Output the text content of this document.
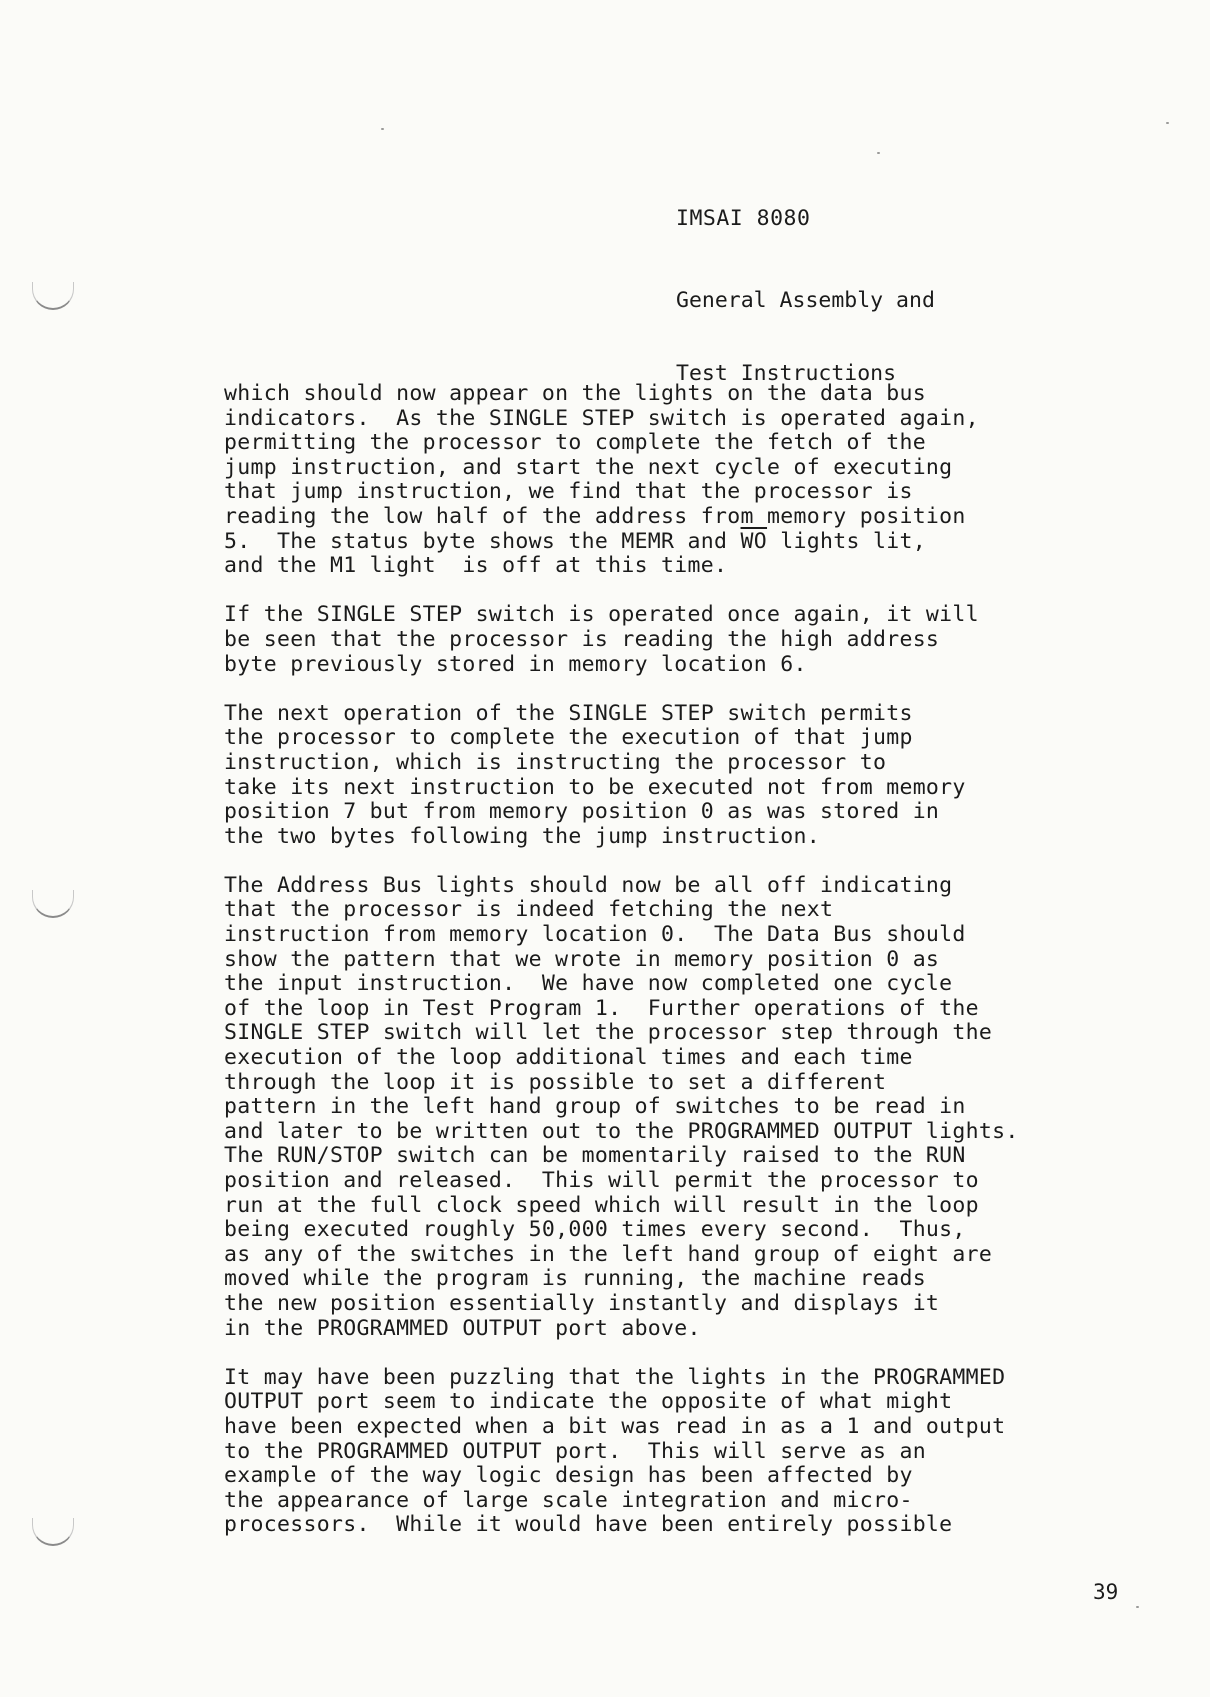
IMSAI 8080

General Assembly and

Test Instructions

which should now appear on the lights on the data bus
indicators.  As the SINGLE STEP switch is operated again,
permitting the processor to complete the fetch of the
jump instruction, and start the next cycle of executing
that jump instruction, we find that the processor is
reading the low half of the address from memory position
5.  The status byte shows the MEMR and $\overline{WO}$ lights lit,
and the M1 light  is off at this time.
If the SINGLE STEP switch is operated once again, it will
be seen that the processor is reading the high address
byte previously stored in memory location 6.
The next operation of the SINGLE STEP switch permits
the processor to complete the execution of that jump
instruction, which is instructing the processor to
take its next instruction to be executed not from memory
position 7 but from memory position 0 as was stored in
the two bytes following the jump instruction.
The Address Bus lights should now be all off indicating
that the processor is indeed fetching the next
instruction from memory location 0.  The Data Bus should
show the pattern that we wrote in memory position 0 as
the input instruction.  We have now completed one cycle
of the loop in Test Program 1.  Further operations of the
SINGLE STEP switch will let the processor step through the
execution of the loop additional times and each time
through the loop it is possible to set a different
pattern in the left hand group of switches to be read in
and later to be written out to the PROGRAMMED OUTPUT lights.
The RUN/STOP switch can be momentarily raised to the RUN
position and released.  This will permit the processor to
run at the full clock speed which will result in the loop
being executed roughly 50,000 times every second.  Thus,
as any of the switches in the left hand group of eight are
moved while the program is running, the machine reads
the new position essentially instantly and displays it
in the PROGRAMMED OUTPUT port above.
It may have been puzzling that the lights in the PROGRAMMED
OUTPUT port seem to indicate the opposite of what might
have been expected when a bit was read in as a 1 and output
to the PROGRAMMED OUTPUT port.  This will serve as an
example of the way logic design has been affected by
the appearance of large scale integration and micro-
processors.  While it would have been entirely possible
39
